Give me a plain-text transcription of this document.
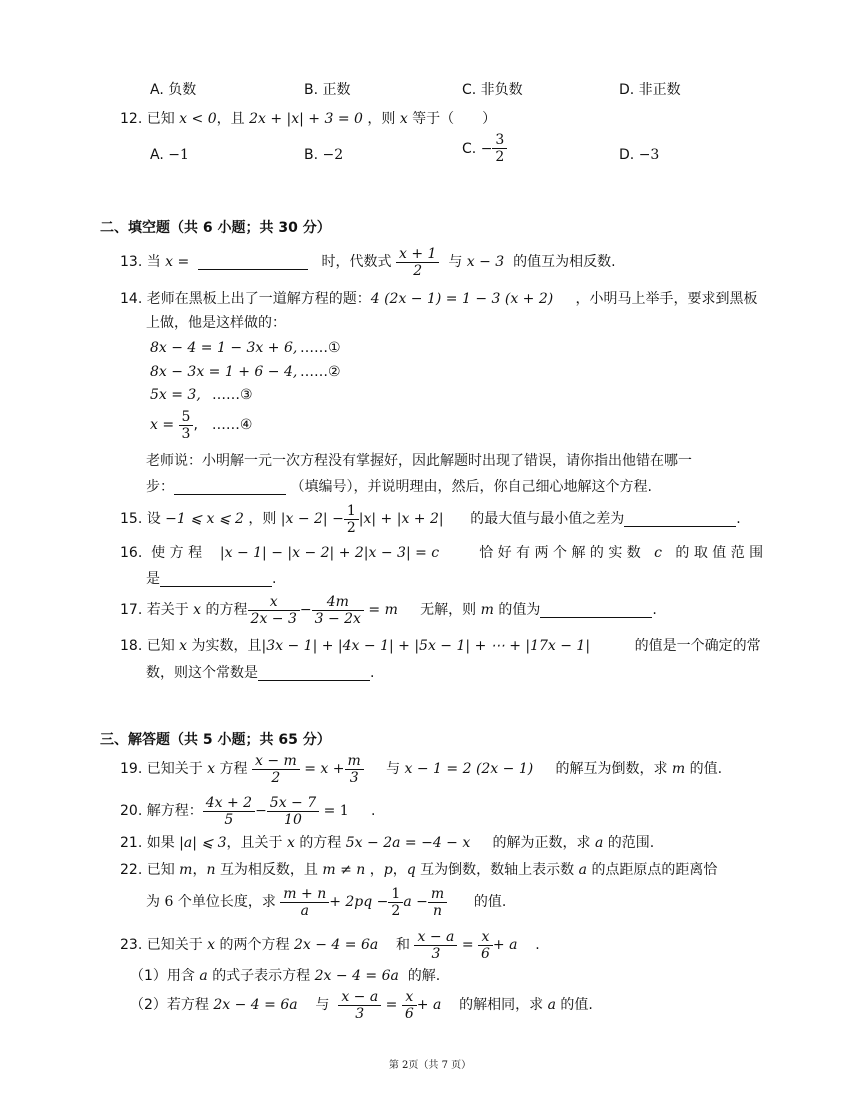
A. 负数	B. 正数	C. 非负数	D. 非正数
12.
已知
x < 0 ，且
2x + |x| + 3 = 0
，则
x
等于（　　）
A.
−1	B.
−2	C.
− $\frac{3}{2}$	D.
−3
二、填空题（共 6 小题；共 30 分）
13.
当
x =

	时，代数式
$\frac{x + 1}{2}$
与
x − 3
的值互为相反数.
14.
老师在黑板上出了一道解方程的题： 4 (2x − 1) = 1 − 3 (x + 2)
，小明马上举手，要求到黑板
上做，他是这样做的：
8x − 4 = 1 − 3x + 6, ……①
8x − 3x = 1 + 6 − 4, ……②
5x = 3, ……③
x =
$\frac{5}{3}$ ,　……④
老师说：小明解一元一次方程没有掌握好，因此解题时出现了错误，请你指出他错在哪一
步：
	（填编号），并说明理由，然后，你自己细心地解这个方程.
15.
设
−1 ⩽ x ⩽ 2
，则
$|x - 2| - \frac{1}{2} |x| + |x + 2|$
的最大值与最小值之差为	.
16.
使 方 程
|x − 1| − |x − 2| + 2|x − 3| = c
	恰 好 有 两 个 解 的 实 数
c
的 取 值 范 围
是	.
17.
若关于
x
的方程 $\frac{x}{2x - 3} - \frac{4m}{3 - 2x}$
= m
无解，则
m
的值为	.
18.
已知
x
为实数，且 |3x − 1| + |4x − 1| + |5x − 1| + ⋯ + |17x − 1|
	的值是一个确定的常
数，则这个常数是	.
三、解答题（共 5 小题；共 65 分）
19.
已知关于
x
方程
$\frac{x - m}{2}$
= $x + \frac{m}{3}$
与
x − 1 = 2 (2x − 1)
的解互为倒数，求
m
的值.
20.
解方程： $\frac{4x + 2}{5} - \frac{5x - 7}{10}$
= 1
.
21.
如果
|a| ⩽ 3 ，且关于
x
的方程
5x − 2a = −4 − x
的解为正数，求
a
的范围.
22.
已知
m ， n
互为相反数，且
m ≠ n
， p ， q
互为倒数，数轴上表示数
a
的点距原点的距离恰
为
6
个单位长度，求
$\frac{m + n}{a} + 2pq - \frac{1}{2}$ $a - \frac{m}{n}$
的值.
23.
已知关于
x
的两个方程
2x − 4 = 6a
和
$\frac{x - a}{3}$
=
$\frac{x}{6} + a$
.
（1）用含
a
的式子表示方程
2x − 4 = 6a
的解.
（2）若方程
2x − 4 = 6a
与
$\frac{x - a}{3}$
=
$\frac{x}{6} + a$
的解相同，求
a
的值.
第 2页（共 7 页）
